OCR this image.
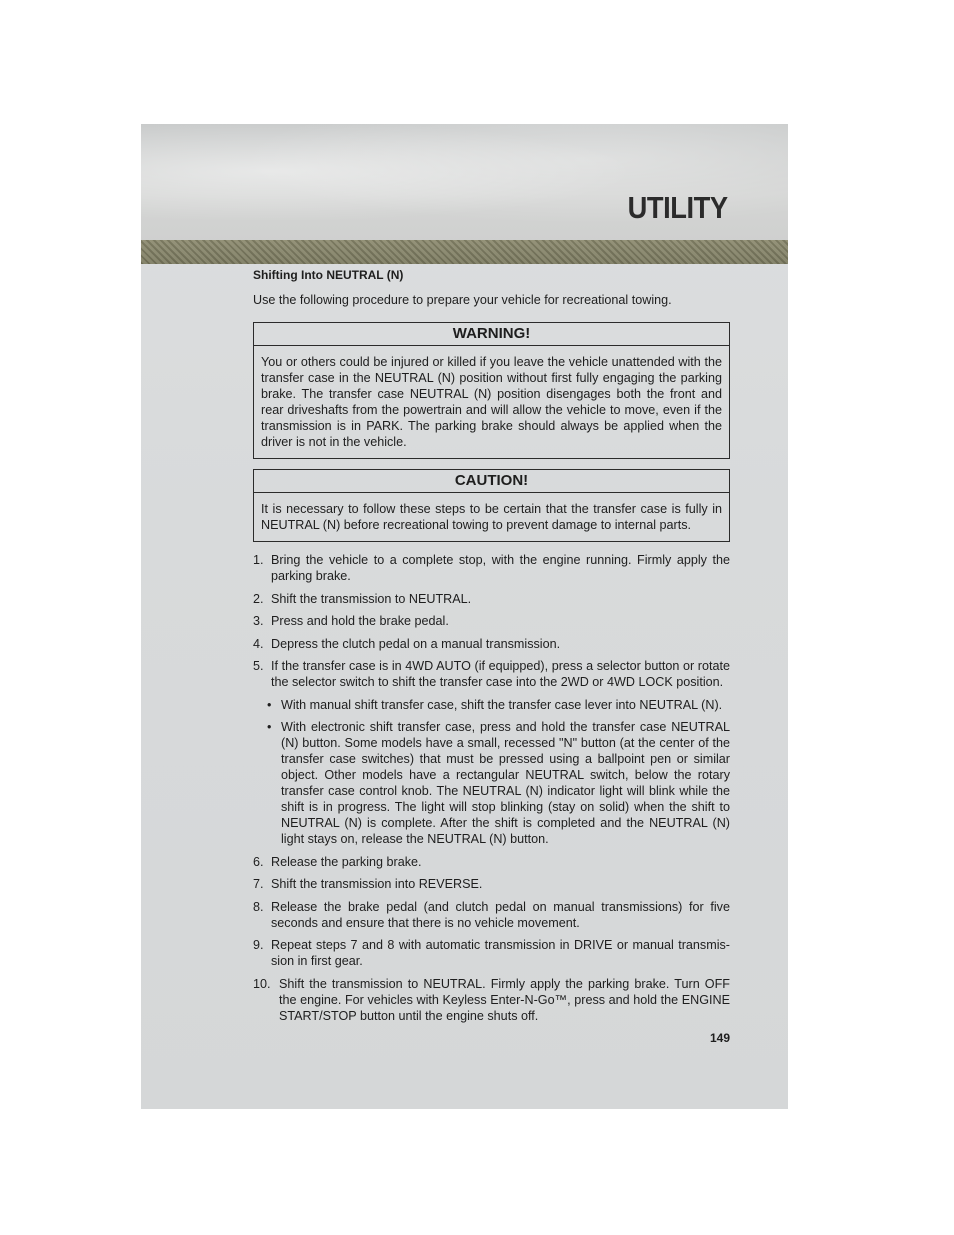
UTILITY
Shifting Into NEUTRAL (N)
Use the following procedure to prepare your vehicle for recreational towing.
WARNING!
You or others could be injured or killed if you leave the vehicle unattended with the transfer case in the NEUTRAL (N) position without first fully engaging the parking brake. The transfer case NEUTRAL (N) position disengages both the front and rear driveshafts from the powertrain and will allow the vehicle to move, even if the transmission is in PARK. The parking brake should always be applied when the driver is not in the vehicle.
CAUTION!
It is necessary to follow these steps to be certain that the transfer case is fully in NEUTRAL (N) before recreational towing to prevent damage to internal parts.
1. Bring the vehicle to a complete stop, with the engine running. Firmly apply the parking brake.
2. Shift the transmission to NEUTRAL.
3. Press and hold the brake pedal.
4. Depress the clutch pedal on a manual transmission.
5. If the transfer case is in 4WD AUTO (if equipped), press a selector button or rotate the selector switch to shift the transfer case into the 2WD or 4WD LOCK position.
• With manual shift transfer case, shift the transfer case lever into NEUTRAL (N).
• With electronic shift transfer case, press and hold the transfer case NEUTRAL (N) button. Some models have a small, recessed "N" button (at the center of the transfer case switches) that must be pressed using a ballpoint pen or similar object. Other models have a rectangular NEUTRAL switch, below the rotary transfer case control knob. The NEUTRAL (N) indicator light will blink while the shift is in progress. The light will stop blinking (stay on solid) when the shift to NEUTRAL (N) is complete. After the shift is completed and the NEUTRAL (N) light stays on, release the NEUTRAL (N) button.
6. Release the parking brake.
7. Shift the transmission into REVERSE.
8. Release the brake pedal (and clutch pedal on manual transmissions) for five seconds and ensure that there is no vehicle movement.
9. Repeat steps 7 and 8 with automatic transmission in DRIVE or manual transmis-sion in first gear.
10. Shift the transmission to NEUTRAL. Firmly apply the parking brake. Turn OFF the engine. For vehicles with Keyless Enter-N-Go™, press and hold the ENGINE START/STOP button until the engine shuts off.
149
